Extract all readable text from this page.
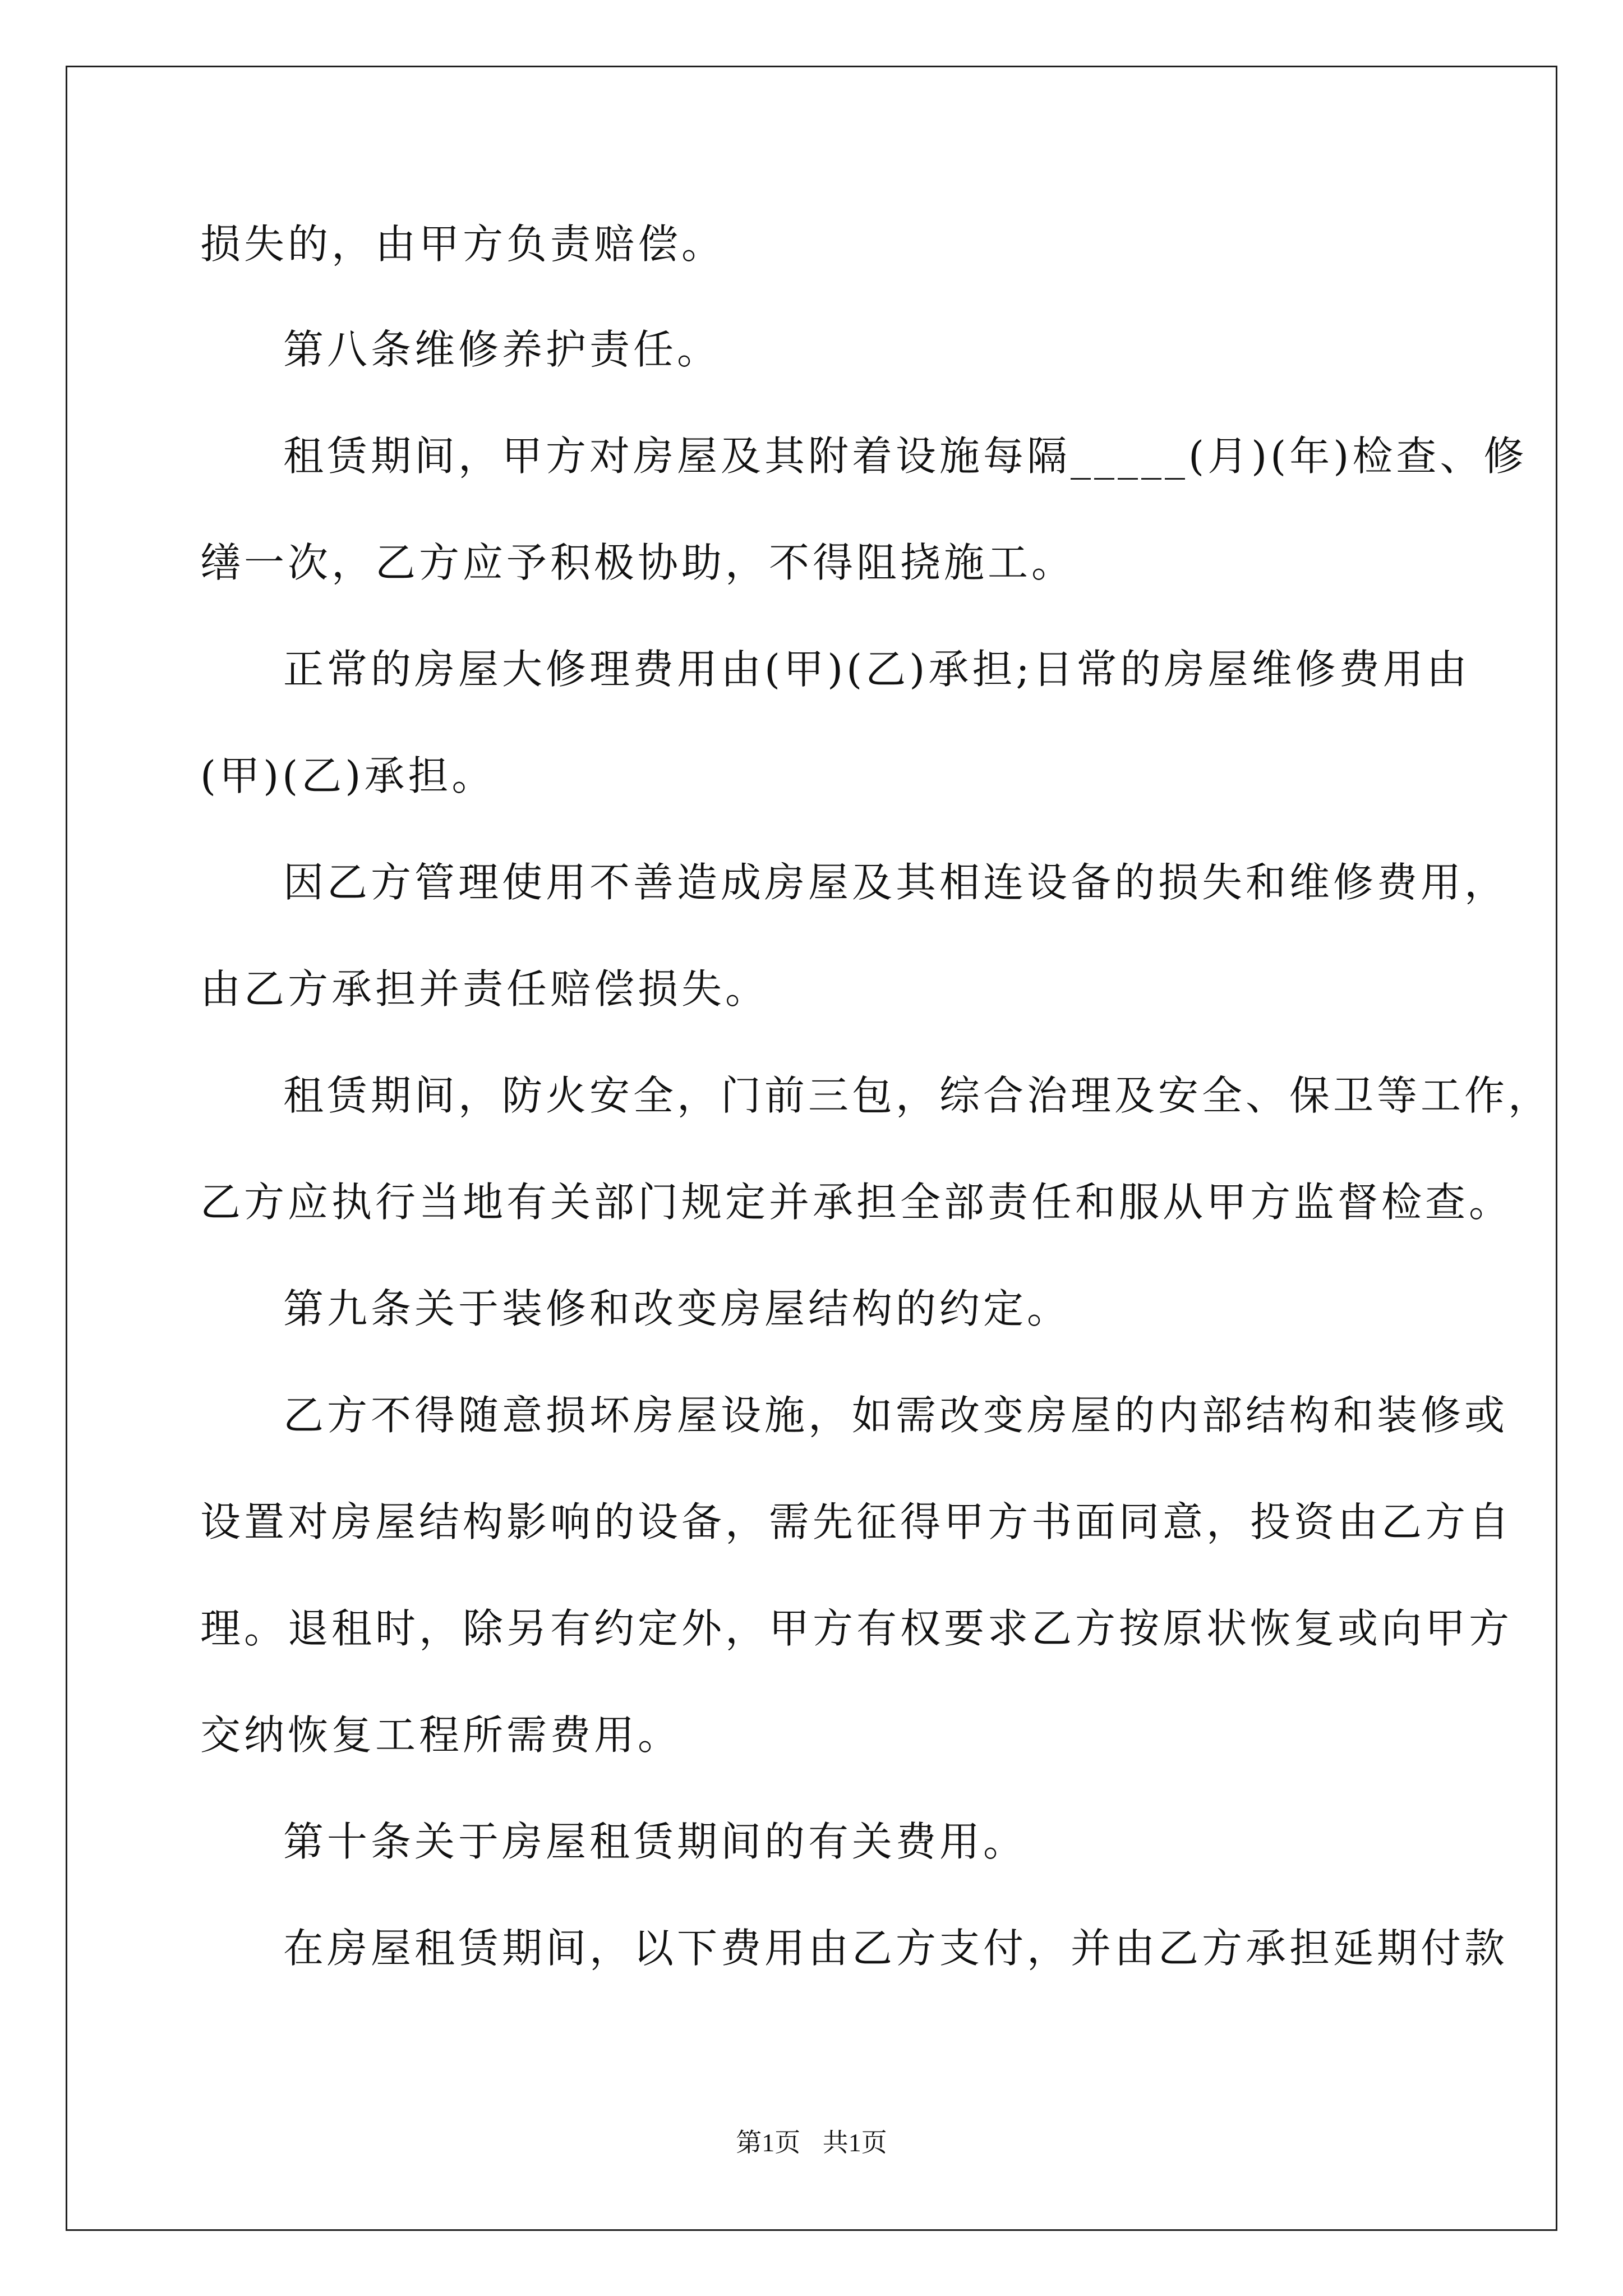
损失的，由甲方负责赔偿。
第八条维修养护责任。
租赁期间，甲方对房屋及其附着设施每隔_____(月)(年)检查、修
缮一次，乙方应予积极协助，不得阻挠施工。
正常的房屋大修理费用由(甲)(乙)承担;日常的房屋维修费用由
(甲)(乙)承担。
因乙方管理使用不善造成房屋及其相连设备的损失和维修费用，
由乙方承担并责任赔偿损失。
租赁期间，防火安全，门前三包，综合治理及安全、保卫等工作，
乙方应执行当地有关部门规定并承担全部责任和服从甲方监督检查。
第九条关于装修和改变房屋结构的约定。
乙方不得随意损坏房屋设施，如需改变房屋的内部结构和装修或
设置对房屋结构影响的设备，需先征得甲方书面同意，投资由乙方自
理。退租时，除另有约定外，甲方有权要求乙方按原状恢复或向甲方
交纳恢复工程所需费用。
第十条关于房屋租赁期间的有关费用。
在房屋租赁期间，以下费用由乙方支付，并由乙方承担延期付款
第1页 共1页
